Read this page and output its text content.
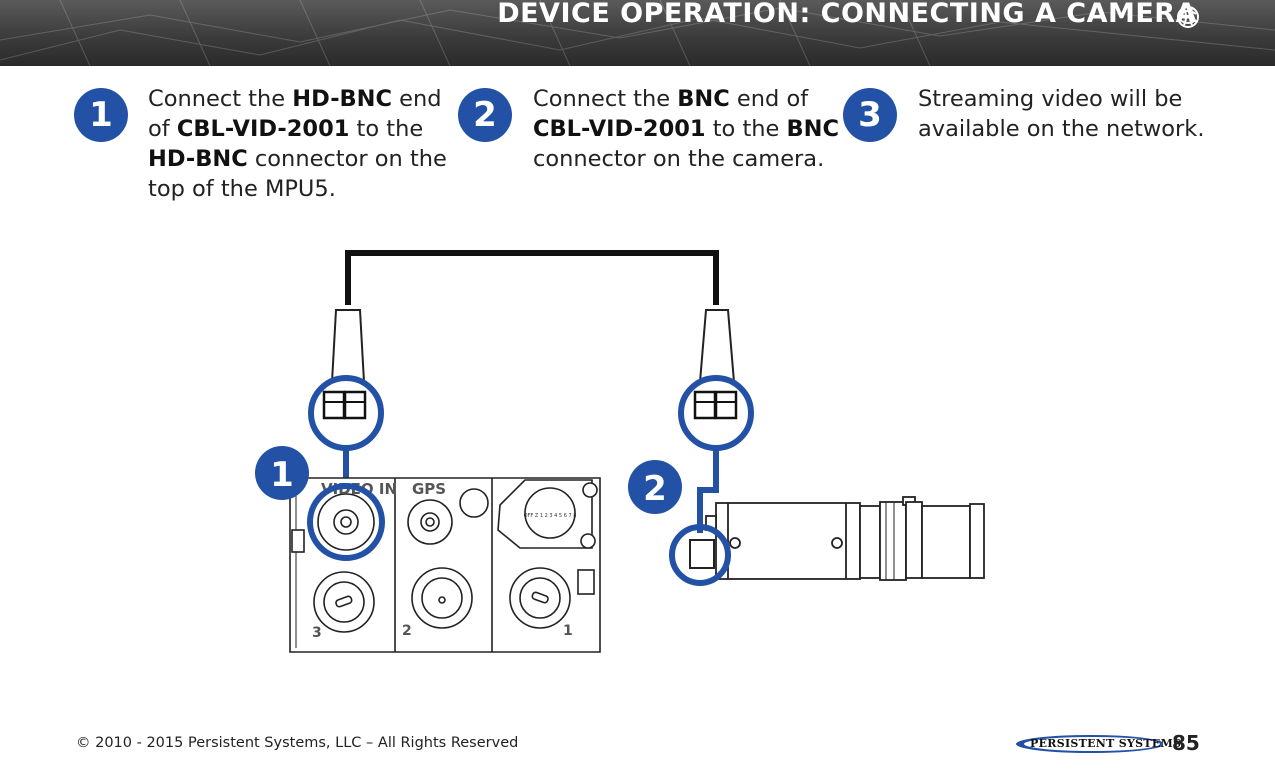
DEVICE OPERATION: CONNECTING A CAMERA
1	Connect the HD-BNC end of CBL-VID-2001 to the HD-BNC connector on the top of the MPU5.
2	Connect the BNC end of CBL-VID-2001 to the BNC connector on the camera.
3	Streaming video will be available on the network.
VIDEO IN GPS
3	2	1
OFF Z 1 2 3 4 5 6 7 8
1	2
© 2010 - 2015 Persistent Systems, LLC – All Rights Reserved	PERSISTENT SYSTEMS
85
